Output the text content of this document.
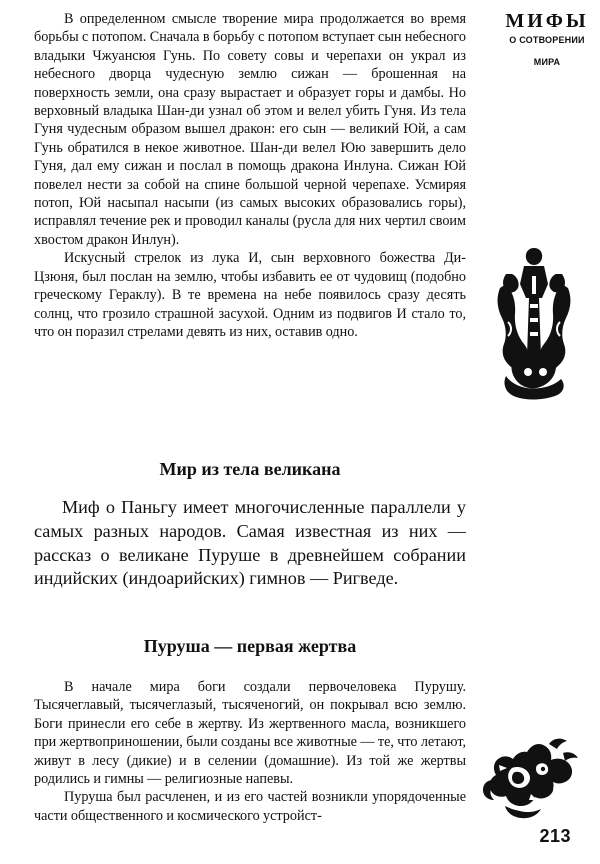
МИФЫ

О СОТВОРЕНИИ

МИРА

В определенном смысле творение мира продолжается во время борьбы с потопом. Сначала в борьбу с потопом вступает сын небесного владыки Чжуансюя Гунь. По совету совы и черепахи он украл из небесного дворца чудесную землю сижан — брошенная на поверхность земли, она сразу вырастает и образует горы и дамбы. Но верховный владыка Шан-ди узнал об этом и велел убить Гуня. Из тела Гуня чудесным образом вышел дракон: его сын — великий Юй, а сам Гунь обратился в некое животное. Шан-ди велел Юю завершить дело Гуня, дал ему сижан и послал в помощь дракона Инлуна. Сижан Юй повелел нести за собой на спине большой черной черепахе. Усмиряя потоп, Юй насыпал насыпи (из самых высоких образовались горы), исправлял течение рек и проводил каналы (русла для них чертил своим хвостом дракон Инлун).

Искусный стрелок из лука И, сын верховного божества Ди-Цзюня, был послан на землю, чтобы избавить ее от чудовищ (подобно греческому Гераклу). В те времена на небе появилось сразу десять солнц, что грозило страшной засухой. Одним из подвигов И стало то, что он поразил стрелами девять из них, оставив одно.

Мир из тела великана

Миф о Паньгу имеет многочисленные параллели у самых разных народов. Самая известная из них — рассказ о великане Пуруше в древнейшем собрании индийских (индоарийских) гимнов — Ригведе.

Пуруша — первая жертва

В начале мира боги создали первочеловека Пурушу. Тысячеглавый, тысячеглазый, тысяченогий, он покрывал всю землю. Боги принесли его себе в жертву. Из жертвенного масла, возникшего при жертвоприношении, были созданы все животные — те, что летают, живут в лесу (дикие) и в селении (домашние). Из той же жертвы родились и гимны — религиозные напевы.

Пуруша был расчленен, и из его частей возникли упорядоченные части общественного и космического устройст-

213
